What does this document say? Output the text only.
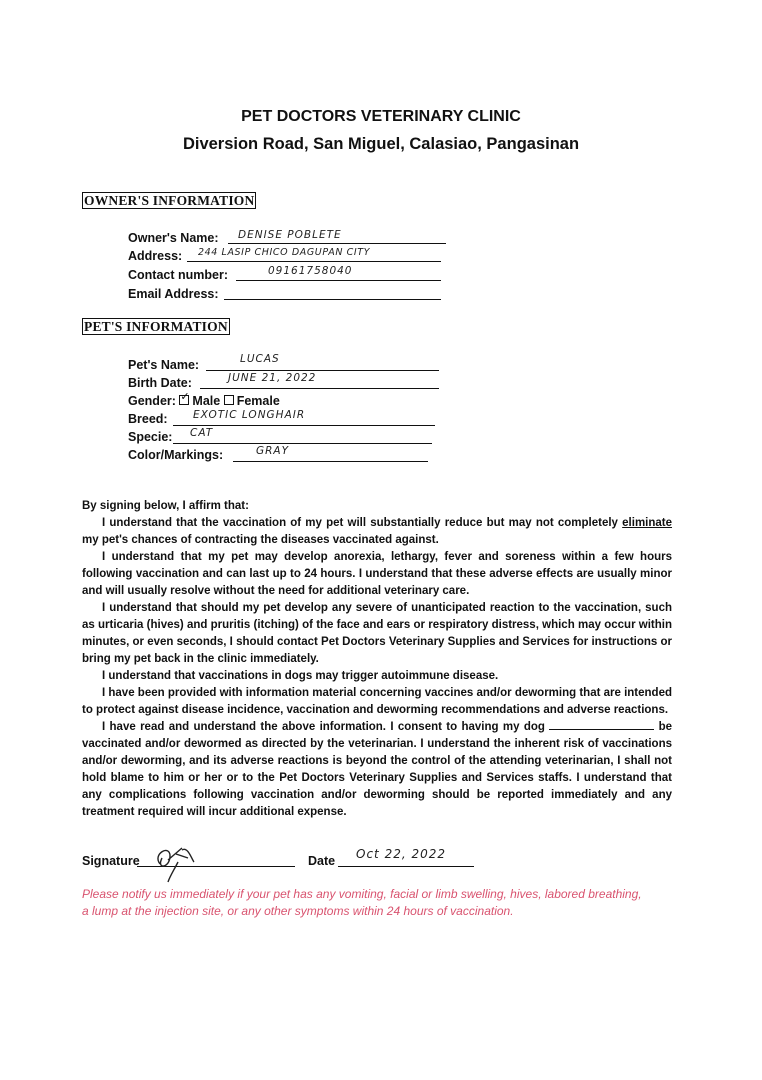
PET DOCTORS VETERINARY CLINIC
Diversion Road, San Miguel, Calasiao, Pangasinan
OWNER'S INFORMATION
Owner's Name: DENISE POBLETE
Address: 244 LASIP CHICO DAGUPAN CITY
Contact number:	09161758040
Email Address:
PET'S INFORMATION
Pet's Name:	LUCAS
Birth Date:	JUNE 21, 2022
Gender: ✓ Male Female
Breed: EXOTIC LONGHAIR
Specie: CAT
Color/Markings:	GRAY

By signing below, I affirm that:

I understand that the vaccination of my pet will substantially reduce but may not completely eliminate my pet's chances of contracting the diseases vaccinated against.

I understand that my pet may develop anorexia, lethargy, fever and soreness within a few hours following vaccination and can last up to 24 hours. I understand that these adverse effects are usually minor and will usually resolve without the need for additional veterinary care.

I understand that should my pet develop any severe of unanticipated reaction to the vaccination, such as urticaria (hives) and pruritis (itching) of the face and ears or respiratory distress, which may occur within minutes, or even seconds, I should contact Pet Doctors Veterinary Supplies and Services for instructions or bring my pet back in the clinic immediately.

I understand that vaccinations in dogs may trigger autoimmune disease.

I have been provided with information material concerning vaccines and/or deworming that are intended to protect against disease incidence, vaccination and deworming recommendations and adverse reactions.

I have read and understand the above information. I consent to having my dog	be vaccinated and/or dewormed as directed by the veterinarian. I understand the inherent risk of vaccinations and/or deworming, and its adverse reactions is beyond the control of the attending veterinarian, I shall not hold blame to him or her or to the Pet Doctors Veterinary Supplies and Services staffs. I understand that any complications following vaccination and/or deworming should be reported immediately and any treatment required will incur additional expense.

Signature	Date Oct 22, 2022
Please notify us immediately if your pet has any vomiting, facial or limb swelling, hives, labored breathing, a lump at the injection site, or any other symptoms within 24 hours of vaccination.
